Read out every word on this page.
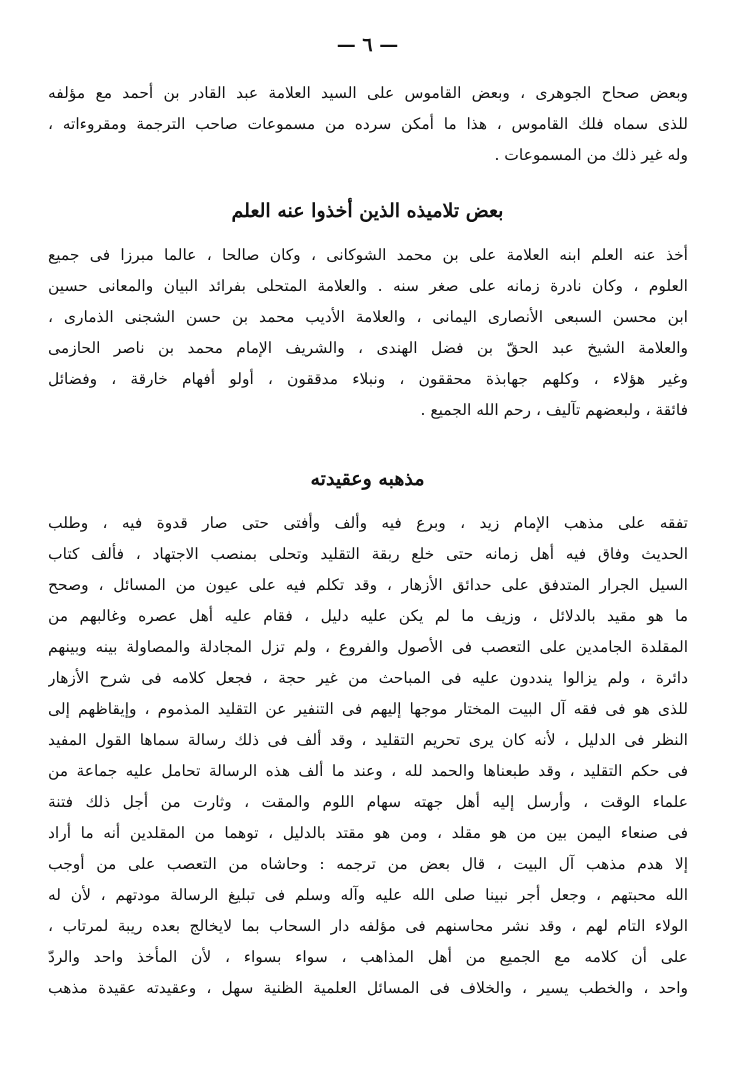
— ٦ —
وبعض صحاح الجوهرى ، وبعض القاموس على السيد العلامة عبد القادر بن أحمد مع مؤلفه
للذى سماه فلك القاموس ، هذا ما أمكن سرده من مسموعات صاحب الترجمة ومقروءاته ،
وله غير ذلك من المسموعات .
بعض تلاميذه الذين أخذوا عنه العلم
أخذ عنه العلم ابنه العلامة على بن محمد الشوكانى ، وكان صالحا ، عالما مبرزا فى جميع
العلوم ، وكان نادرة زمانه على صغر سنه . والعلامة المتحلى بفرائد البيان والمعانى حسين
ابن محسن السبعى الأنصارى اليمانى ، والعلامة الأديب محمد بن حسن الشجنى الذمارى ،
والعلامة الشيخ عبد الحقّ بن فضل الهندى ، والشريف الإمام محمد بن ناصر الحازمى
وغير هؤلاء ، وكلهم جهابذة محققون ، ونبلاء مدققون ، أولو أفهام خارقة ، وفضائل
فائقة ، ولبعضهم تآليف ، رحم الله الجميع .
مذهبه وعقيدته
تفقه على مذهب الإمام زيد ، وبرع فيه وألف وأفتى حتى صار قدوة فيه ، وطلب
الحديث وفاق فيه أهل زمانه حتى خلع ربقة التقليد وتحلى بمنصب الاجتهاد ، فألف كتاب
السيل الجرار المتدفق على حدائق الأزهار ، وقد تكلم فيه على عيون من المسائل ، وصحح
ما هو مقيد بالدلائل ، وزيف ما لم يكن عليه دليل ، فقام عليه أهل عصره وغالبهم من
المقلدة الجامدين على التعصب فى الأصول والفروع ، ولم تزل المجادلة والمصاولة بينه وبينهم
دائرة ، ولم يزالوا ينددون عليه فى المباحث من غير حجة ، فجعل كلامه فى شرح الأزهار
للذى هو فى فقه آل البيت المختار موجها إليهم فى التنفير عن التقليد المذموم ، وإيقاظهم إلى
النظر فى الدليل ، لأنه كان يرى تحريم التقليد ، وقد ألف فى ذلك رسالة سماها القول المفيد
فى حكم التقليد ، وقد طبعناها والحمد لله ، وعند ما ألف هذه الرسالة تحامل عليه جماعة من
علماء الوقت ، وأرسل إليه أهل جهته سهام اللوم والمقت ، وثارت من أجل ذلك فتنة
فى صنعاء اليمن بين من هو مقلد ، ومن هو مقتد بالدليل ، توهما من المقلدين أنه ما أراد
إلا هدم مذهب آل البيت ، قال بعض من ترجمه : وحاشاه من التعصب على من أوجب
الله محبتهم ، وجعل أجر نبينا صلى الله عليه وآله وسلم فى تبليغ الرسالة مودتهم ، لأن له
الولاء التام لهم ، وقد نشر محاسنهم فى مؤلفه دار السحاب بما لايخالج بعده ريبة لمرتاب ،
على أن كلامه مع الجميع من أهل المذاهب ، سواء بسواء ، لأن المأخذ واحد والردّ
واحد ، والخطب يسير ، والخلاف فى المسائل العلمية الظنية سهل ، وعقيدته عقيدة مذهب
